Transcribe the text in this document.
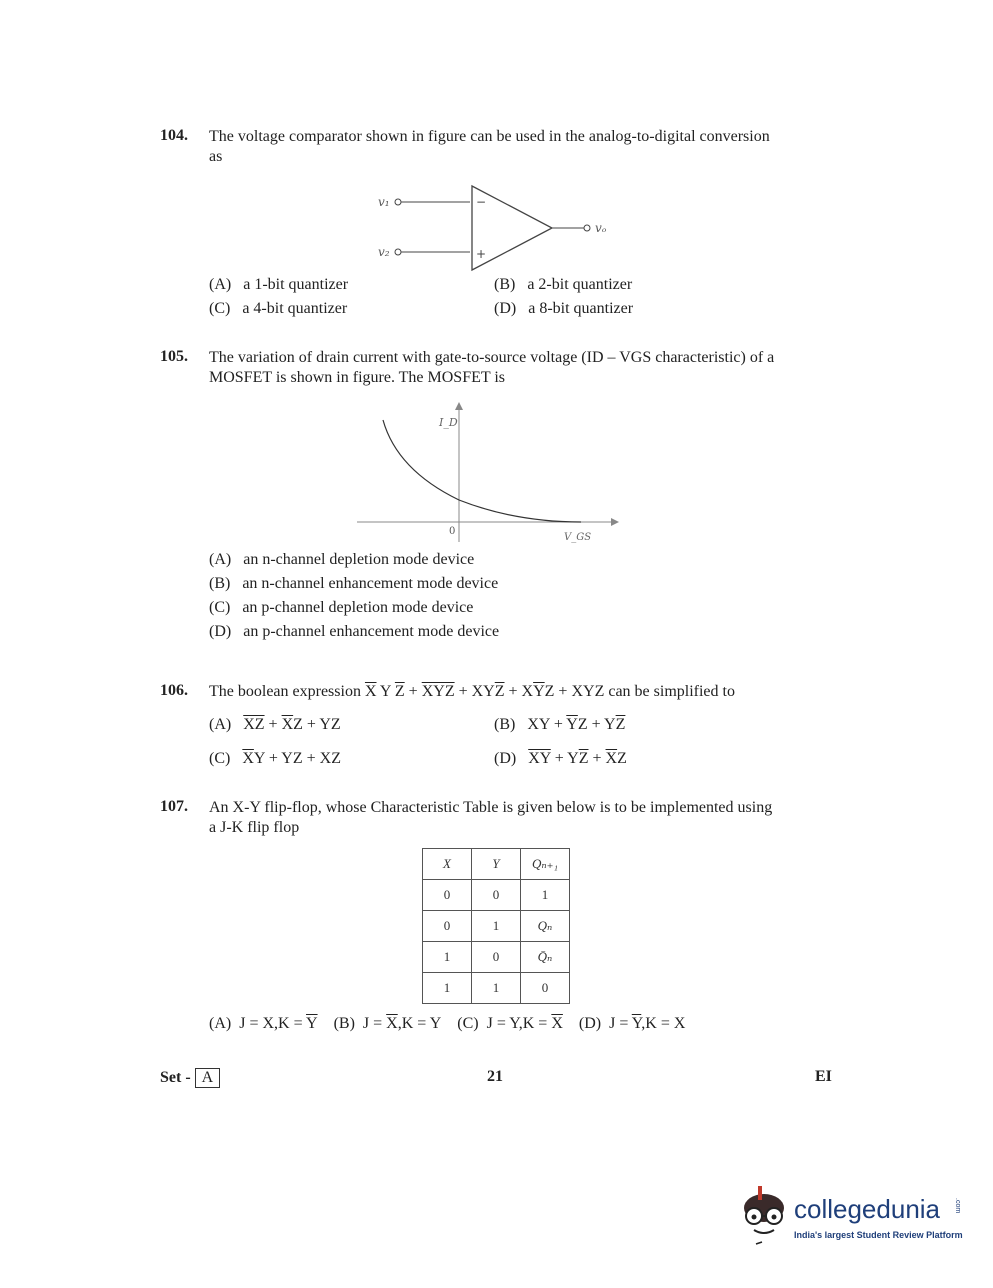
104. The voltage comparator shown in figure can be used in the analog-to-digital conversion
as
v₁
v₂
vₒ
−
+
(A) a 1-bit quantizer	(B) a 2-bit quantizer
(C) a 4-bit quantizer	(D) a 8-bit quantizer
105. The variation of drain current with gate-to-source voltage (ID – VGS characteristic) of a
MOSFET is shown in figure. The MOSFET is
I_D
V_GS
0
(A) an n-channel depletion mode device
(B) an n-channel enhancement mode device
(C) an p-channel depletion mode device
(D) an p-channel enhancement mode device
106. The boolean expression $\overline{X}$ Y $\overline{Z} + \overline{XYZ} + XY\overline{Z} + X\overline{Y}Z$ + XYZ can be simplified to
(A) $\overline{XZ} + \overline{X}Z$ + YZ	(B) XY + $\overline{Y}Z + Y\overline{Z}$
(C) $\overline{X}Y$ + YZ + XZ	(D) $\overline{XY} + Y\overline{Z} + \overline{X}Z$
107. An X-Y flip-flop, whose Characteristic Table is given below is to be implemented using
a J-K flip flop
X	Y	Qₙ₊₁
0	0	1
0	1	Qₙ
1	0	Q̄ₙ
1	1	0
(A)  $J = X,K = \overline{Y}$ (B)  $J = \overline{X},K = Y$ (C)  $J = Y,K = \overline{X}$ (D)  $J = \overline{Y},K = X$
Set - A	21	EI
collegedunia .com
India's largest Student Review Platform
